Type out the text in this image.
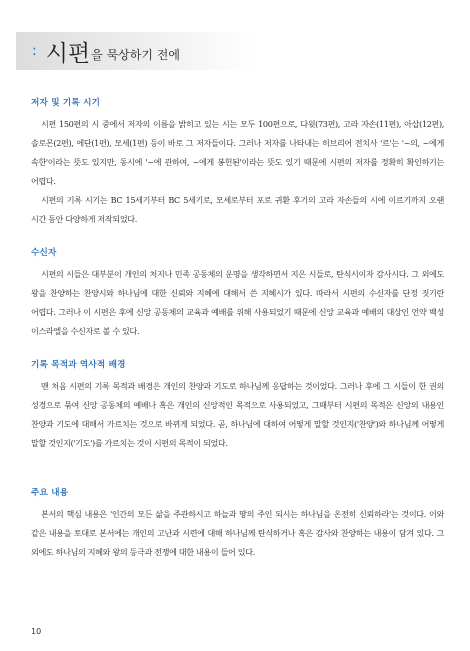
: 시편 을 묵상하기 전에
저자 및 기록 시기

시편 150편의 시 중에서 저자의 이름을 밝히고 있는 시는 모두 100편으로, 다윗(73편), 고라 자손(11편), 아삽(12편), 솔로몬(2편), 에단(1편), 모세(1편) 등이 바로 그 저자들이다. 그러나 저자를 나타내는 히브리어 전치사 '르'는 '~의, ~에게 속한'이라는 뜻도 있지만, 동시에 '~에 관하여, ~에게 봉헌된'이라는 뜻도 있기 때문에 시편의 저자를 정확히 확인하기는 어렵다.

시편의 기록 시기는 BC 15세기부터 BC 5세기로, 모세로부터 포로 귀환 후기의 고라 자손들의 시에 이르기까지 오랜 시간 동안 다양하게 저작되었다.

수신자

시편의 시들은 대부분이 개인의 처지나 민족 공동체의 운명을 생각하면서 지은 시들로, 탄식시이자 감사시다. 그 외에도 왕을 찬양하는 찬양시와 하나님에 대한 신뢰와 지혜에 대해서 쓴 지혜시가 있다. 따라서 시편의 수신자를 단정 짓기란 어렵다. 그러나 이 시편은 후에 신앙 공동체의 교육과 예배를 위해 사용되었기 때문에 신앙 교육과 예배의 대상인 언약 백성 이스라엘을 수신자로 볼 수 있다.

기록 목적과 역사적 배경

맨 처음 시편의 기록 목적과 배경은 개인의 찬양과 기도로 하나님께 응답하는 것이었다. 그러나 후에 그 시들이 한 권의 성경으로 묶여 신앙 공동체의 예배나 혹은 개인의 신앙적인 목적으로 사용되었고, 그때부터 시편의 목적은 신앙의 내용인 찬양과 기도에 대해서 가르치는 것으로 바뀌게 되었다. 곧, 하나님에 대하여 어떻게 말할 것인지('찬양')와 하나님께 어떻게 말할 것인지('기도')를 가르치는 것이 시편의 목적이 되었다.

주요 내용

본서의 핵심 내용은 '인간의 모든 삶을 주관하시고 하늘과 땅의 주인 되시는 하나님을 온전히 신뢰하라'는 것이다. 이와 같은 내용을 토대로 본서에는 개인의 고난과 시련에 대해 하나님께 탄식하거나 혹은 감사와 찬양하는 내용이 담겨 있다. 그 외에도 하나님의 지혜와 왕의 등극과 전쟁에 대한 내용이 들어 있다.

10
